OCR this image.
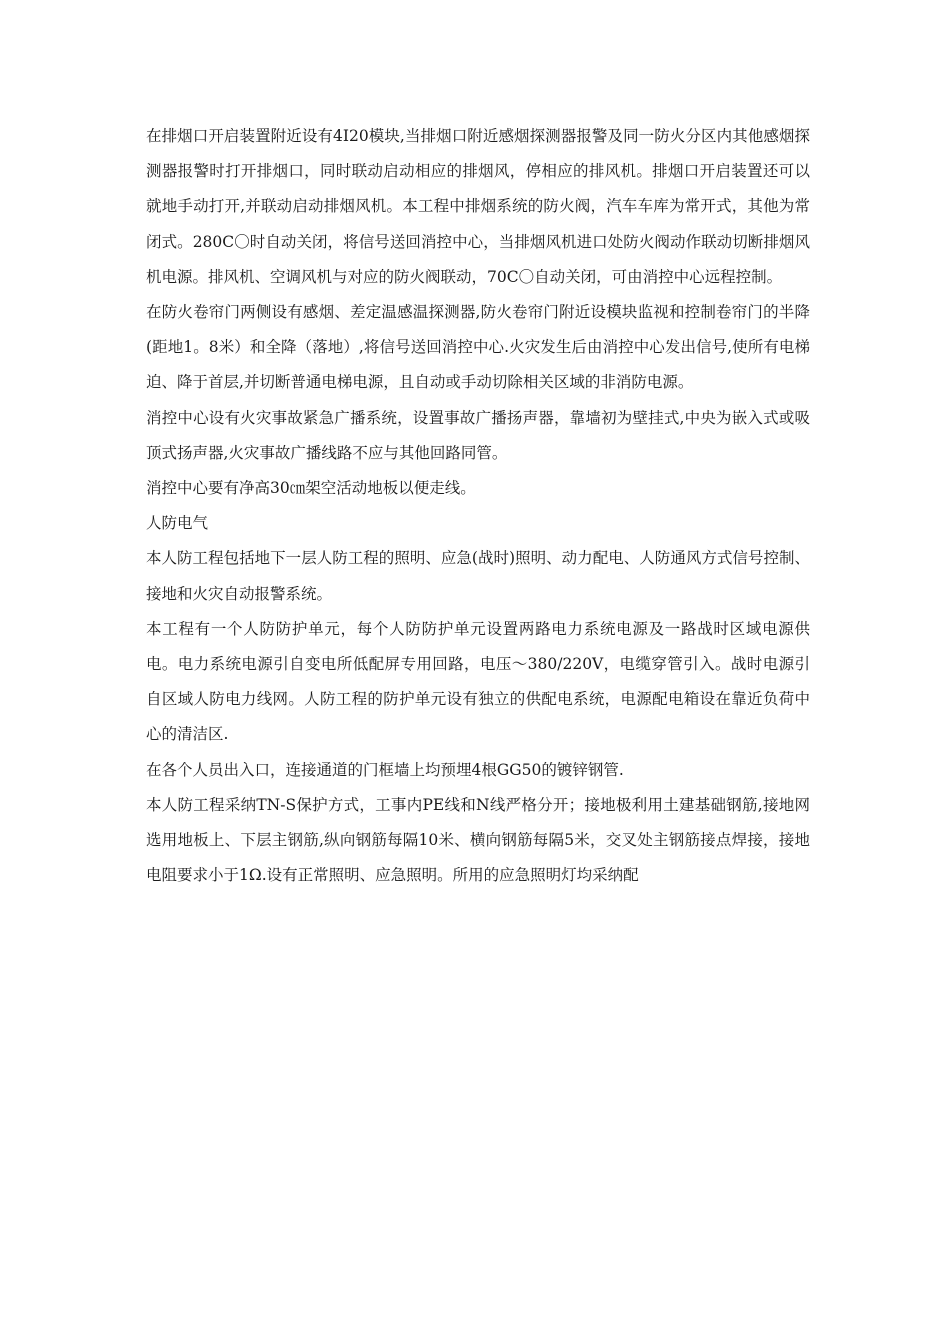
在排烟口开启装置附近设有4I20模块,当排烟口附近感烟探测器报警及同一防火分区内其他感烟探测器报警时打开排烟口，同时联动启动相应的排烟风，停相应的排风机。排烟口开启装置还可以就地手动打开,并联动启动排烟风机。本工程中排烟系统的防火阀，汽车车库为常开式，其他为常闭式。280C〇时自动关闭，将信号送回消控中心，当排烟风机进口处防火阀动作联动切断排烟风机电源。排风机、空调风机与对应的防火阀联动，70C〇自动关闭，可由消控中心远程控制。

在防火卷帘门两侧设有感烟、差定温感温探测器,防火卷帘门附近设模块监视和控制卷帘门的半降(距地1。8米）和全降（落地）,将信号送回消控中心.火灾发生后由消控中心发出信号,使所有电梯迫、降于首层,并切断普通电梯电源，且自动或手动切除相关区域的非消防电源。

消控中心设有火灾事故紧急广播系统，设置事故广播扬声器，靠墙初为壁挂式,中央为嵌入式或吸顶式扬声器,火灾事故广播线路不应与其他回路同管。

消控中心要有净高30㎝架空活动地板以便走线。

人防电气

本人防工程包括地下一层人防工程的照明、应急(战时)照明、动力配电、人防通风方式信号控制、接地和火灾自动报警系统。

本工程有一个人防防护单元，每个人防防护单元设置两路电力系统电源及一路战时区域电源供电。电力系统电源引自变电所低配屏专用回路，电压～380/220V，电缆穿管引入。战时电源引自区域人防电力线网。人防工程的防护单元设有独立的供配电系统，电源配电箱设在靠近负荷中心的清洁区.

在各个人员出入口，连接通道的门框墙上均预埋4根GG50的镀锌钢管.

本人防工程采纳TN-S保护方式，工事内PE线和N线严格分开；接地极利用土建基础钢筋,接地网选用地板上、下层主钢筋,纵向钢筋每隔10米、横向钢筋每隔5米，交叉处主钢筋接点焊接，接地电阻要求小于1Ω.设有正常照明、应急照明。所用的应急照明灯均采纳配
